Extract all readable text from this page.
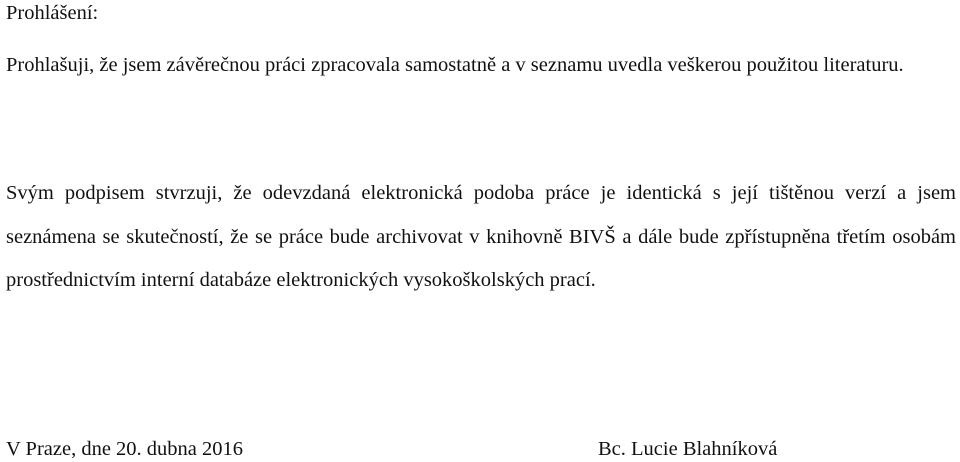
Prohlášení:

Prohlašuji, že jsem závěrečnou práci zpracovala samostatně a v seznamu uvedla veškerou použitou literaturu.

Svým podpisem stvrzuji, že odevzdaná elektronická podoba práce je identická s její tištěnou verzí a jsem seznámena se skutečností, že se práce bude archivovat v knihovně BIVŠ a dále bude zpřístupněna třetím osobám prostřednictvím interní databáze elektronických vysokoškolských prací.

V Praze, dne 20. dubna 2016	Bc. Lucie Blahníková
